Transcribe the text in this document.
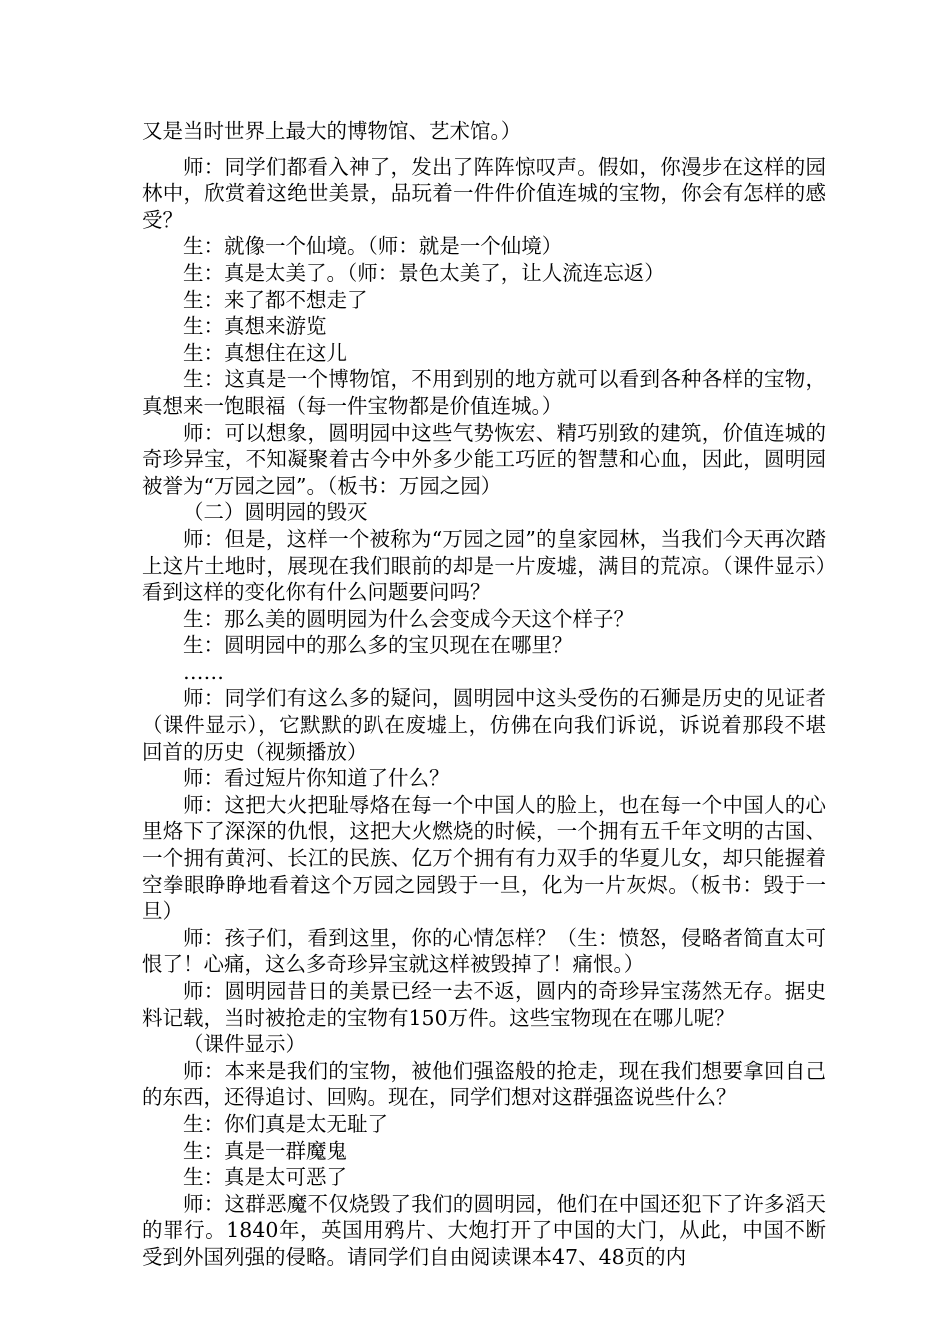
又是当时世界上最大的博物馆、艺术馆。）

师：同学们都看入神了，发出了阵阵惊叹声。假如，你漫步在这样的园林中，欣赏着这绝世美景，品玩着一件件价值连城的宝物，你会有怎样的感受？

生：就像一个仙境。（师：就是一个仙境）

生：真是太美了。（师：景色太美了，让人流连忘返）

生：来了都不想走了

生：真想来游览

生：真想住在这儿

生：这真是一个博物馆，不用到别的地方就可以看到各种各样的宝物，真想来一饱眼福（每一件宝物都是价值连城。）

师：可以想象，圆明园中这些气势恢宏、精巧别致的建筑，价值连城的奇珍异宝，不知凝聚着古今中外多少能工巧匠的智慧和心血，因此，圆明园被誉为“万园之园”。（板书：万园之园）

（二）圆明园的毁灭

师：但是，这样一个被称为“万园之园”的皇家园林，当我们今天再次踏上这片土地时，展现在我们眼前的却是一片废墟，满目的荒凉。（课件显示）看到这样的变化你有什么问题要问吗？

生：那么美的圆明园为什么会变成今天这个样子？

生：圆明园中的那么多的宝贝现在在哪里？

……

师：同学们有这么多的疑问，圆明园中这头受伤的石狮是历史的见证者（课件显示），它默默的趴在废墟上，仿佛在向我们诉说，诉说着那段不堪回首的历史（视频播放）

师：看过短片你知道了什么？

师：这把大火把耻辱烙在每一个中国人的脸上，也在每一个中国人的心里烙下了深深的仇恨，这把大火燃烧的时候，一个拥有五千年文明的古国、一个拥有黄河、长江的民族、亿万个拥有有力双手的华夏儿女，却只能握着空拳眼睁睁地看着这个万园之园毁于一旦，化为一片灰烬。（板书：毁于一旦）

师：孩子们，看到这里，你的心情怎样？（生：愤怒，侵略者简直太可恨了！心痛，这么多奇珍异宝就这样被毁掉了！痛恨。）

师：圆明园昔日的美景已经一去不返，圆内的奇珍异宝荡然无存。据史料记载，当时被抢走的宝物有150万件。这些宝物现在在哪儿呢？

（课件显示）

师：本来是我们的宝物，被他们强盗般的抢走，现在我们想要拿回自己的东西，还得追讨、回购。现在，同学们想对这群强盗说些什么？

生：你们真是太无耻了

生：真是一群魔鬼

生：真是太可恶了

师：这群恶魔不仅烧毁了我们的圆明园，他们在中国还犯下了许多滔天的罪行。1840年，英国用鸦片、大炮打开了中国的大门，从此，中国不断受到外国列强的侵略。请同学们自由阅读课本47、48页的内
